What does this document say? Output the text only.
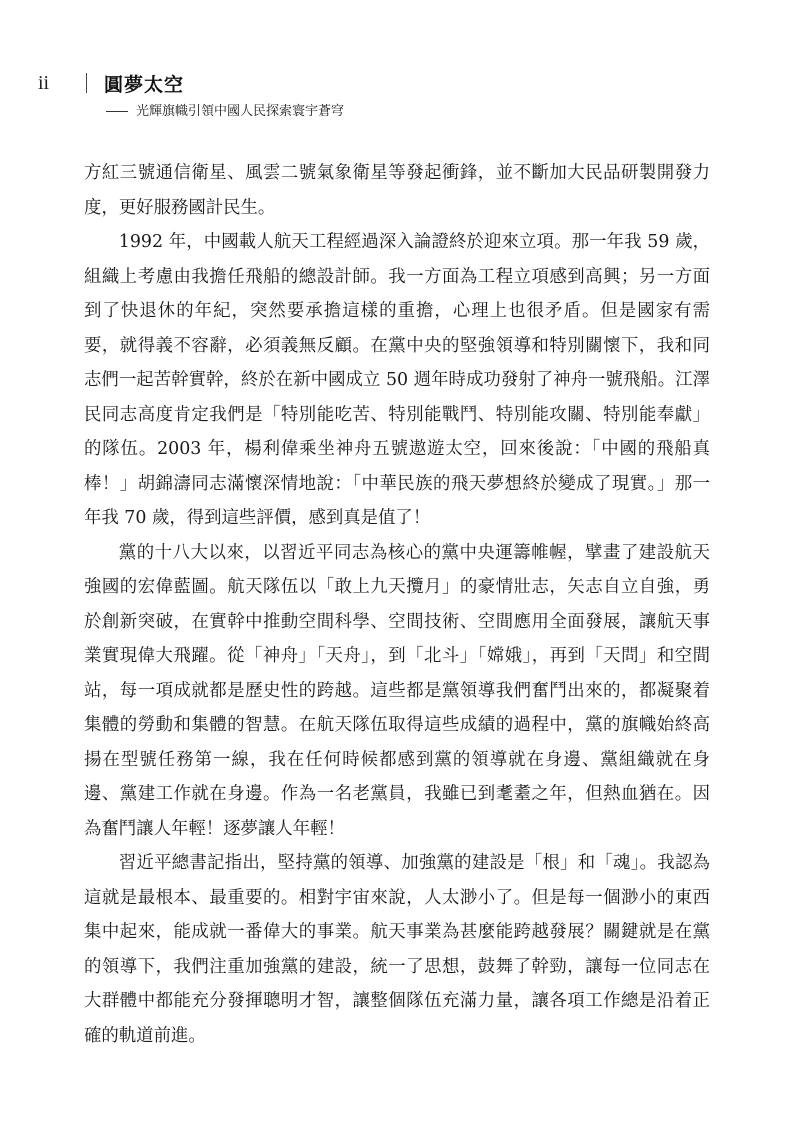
ii	圓夢太空
光輝旗幟引領中國人民探索寰宇蒼穹

方紅三號通信衛星、風雲二號氣象衛星等發起衝鋒，並不斷加大民品研製開發力度，更好服務國計民生。

1992 年，中國載人航天工程經過深入論證終於迎來立項。那一年我 59 歲，組織上考慮由我擔任飛船的總設計師。我一方面為工程立項感到高興；另一方面到了快退休的年紀，突然要承擔這樣的重擔，心理上也很矛盾。但是國家有需要，就得義不容辭，必須義無反顧。在黨中央的堅強領導和特別關懷下，我和同志們一起苦幹實幹，終於在新中國成立 50 週年時成功發射了神舟一號飛船。江澤民同志高度肯定我們是「特別能吃苦、特別能戰鬥、特別能攻關、特別能奉獻」的隊伍。2003 年，楊利偉乘坐神舟五號遨遊太空，回來後說：「中國的飛船真棒！」胡錦濤同志滿懷深情地說：「中華民族的飛天夢想終於變成了現實。」那一年我 70 歲，得到這些評價，感到真是值了！

黨的十八大以來，以習近平同志為核心的黨中央運籌帷幄，擘畫了建設航天強國的宏偉藍圖。航天隊伍以「敢上九天攬月」的豪情壯志，矢志自立自強，勇於創新突破，在實幹中推動空間科學、空間技術、空間應用全面發展，讓航天事業實現偉大飛躍。從「神舟」「天舟」，到「北斗」「嫦娥」，再到「天問」和空間站，每一項成就都是歷史性的跨越。這些都是黨領導我們奮鬥出來的，都凝聚着集體的勞動和集體的智慧。在航天隊伍取得這些成績的過程中，黨的旗幟始終高揚在型號任務第一線，我在任何時候都感到黨的領導就在身邊、黨組織就在身邊、黨建工作就在身邊。作為一名老黨員，我雖已到耄耋之年，但熱血猶在。因為奮鬥讓人年輕！逐夢讓人年輕！

習近平總書記指出，堅持黨的領導、加強黨的建設是「根」和「魂」。我認為這就是最根本、最重要的。相對宇宙來說，人太渺小了。但是每一個渺小的東西集中起來，能成就一番偉大的事業。航天事業為甚麼能跨越發展？關鍵就是在黨的領導下，我們注重加強黨的建設，統一了思想，鼓舞了幹勁，讓每一位同志在大群體中都能充分發揮聰明才智，讓整個隊伍充滿力量，讓各項工作總是沿着正確的軌道前進。
